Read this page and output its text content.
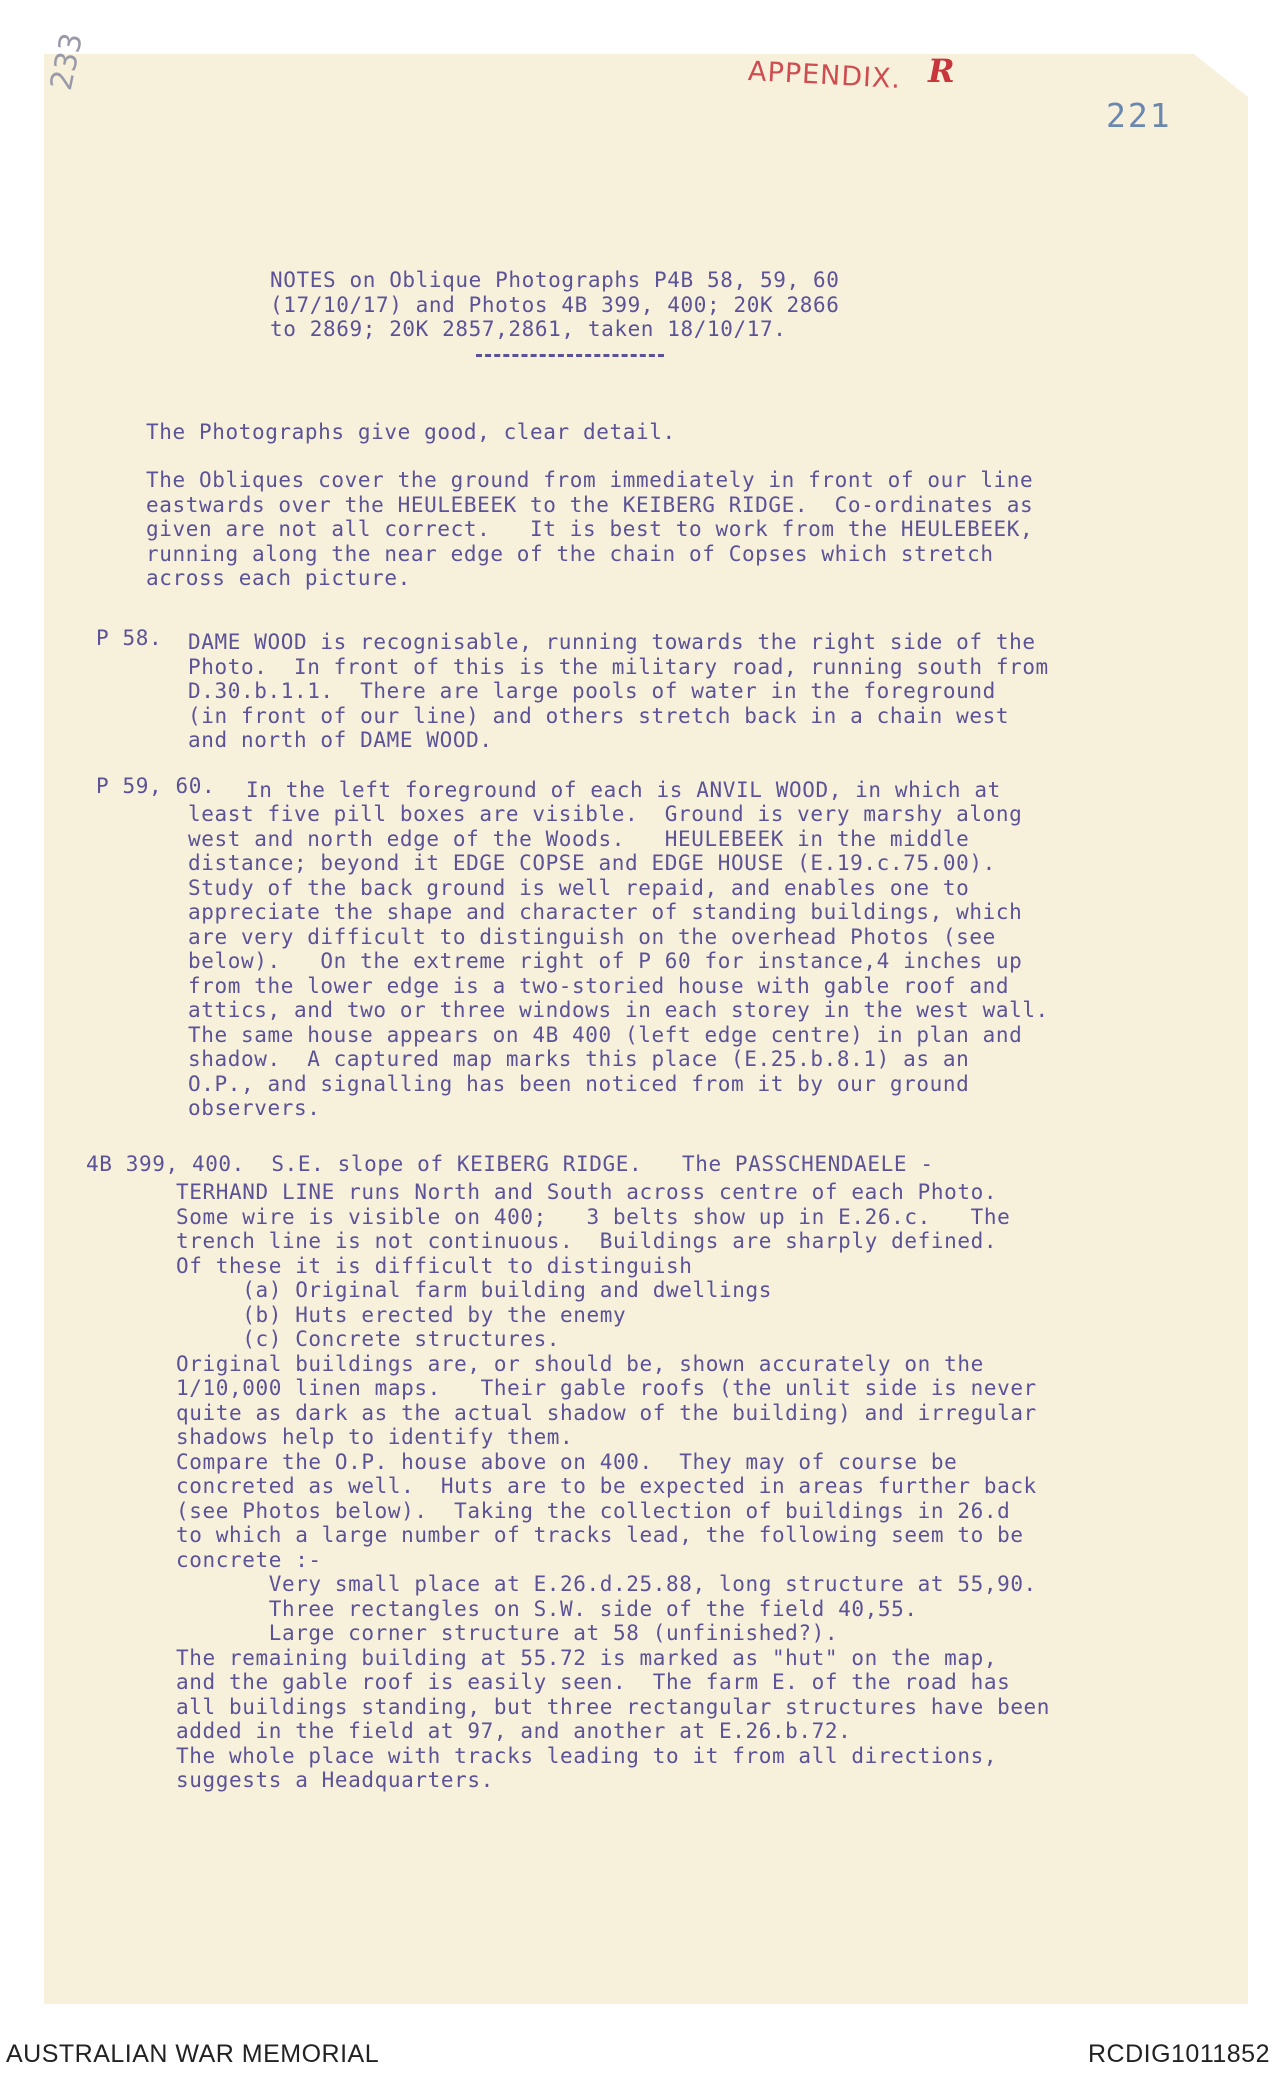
233	APPENDIX. R
221
NOTES on Oblique Photographs P4B 58, 59, 60
(17/10/17) and Photos 4B 399, 400; 20K 2866
to 2869; 20K 2857,2861, taken 18/10/17.
The Photographs give good, clear detail.
The Obliques cover the ground from immediately in front of our line
eastwards over the HEULEBEEK to the KEIBERG RIDGE.  Co-ordinates as
given are not all correct.   It is best to work from the HEULEBEEK,
running along the near edge of the chain of Copses which stretch
across each picture.
P 58. DAME WOOD is recognisable, running towards the right side of the
Photo.  In front of this is the military road, running south from
D.30.b.1.1.  There are large pools of water in the foreground
(in front of our line) and others stretch back in a chain west
and north of DAME WOOD.
P 59, 60. In the left foreground of each is ANVIL WOOD, in which at
least five pill boxes are visible.  Ground is very marshy along
west and north edge of the Woods.   HEULEBEEK in the middle
distance; beyond it EDGE COPSE and EDGE HOUSE (E.19.c.75.00).
Study of the back ground is well repaid, and enables one to
appreciate the shape and character of standing buildings, which
are very difficult to distinguish on the overhead Photos (see
below).   On the extreme right of P 60 for instance,4 inches up
from the lower edge is a two-storied house with gable roof and
attics, and two or three windows in each storey in the west wall.
The same house appears on 4B 400 (left edge centre) in plan and
shadow.  A captured map marks this place (E.25.b.8.1) as an
O.P., and signalling has been noticed from it by our ground
observers.
4B 399, 400. S.E. slope of KEIBERG RIDGE.   The PASSCHENDAELE -
TERHAND LINE runs North and South across centre of each Photo.
Some wire is visible on 400;   3 belts show up in E.26.c.   The
trench line is not continuous.  Buildings are sharply defined.
Of these it is difficult to distinguish
(a) Original farm building and dwellings
(b) Huts erected by the enemy
(c) Concrete structures.
Original buildings are, or should be, shown accurately on the
1/10,000 linen maps.   Their gable roofs (the unlit side is never
quite as dark as the actual shadow of the building) and irregular
shadows help to identify them.
Compare the O.P. house above on 400.  They may of course be
concreted as well.  Huts are to be expected in areas further back
(see Photos below).  Taking the collection of buildings in 26.d
to which a large number of tracks lead, the following seem to be
concrete :-
Very small place at E.26.d.25.88, long structure at 55,90.
Three rectangles on S.W. side of the field 40,55.
Large corner structure at 58 (unfinished?).
The remaining building at 55.72 is marked as "hut" on the map,
and the gable roof is easily seen.  The farm E. of the road has
all buildings standing, but three rectangular structures have been
added in the field at 97, and another at E.26.b.72.
The whole place with tracks leading to it from all directions,
suggests a Headquarters.
AUSTRALIAN WAR MEMORIAL	RCDIG1011852
